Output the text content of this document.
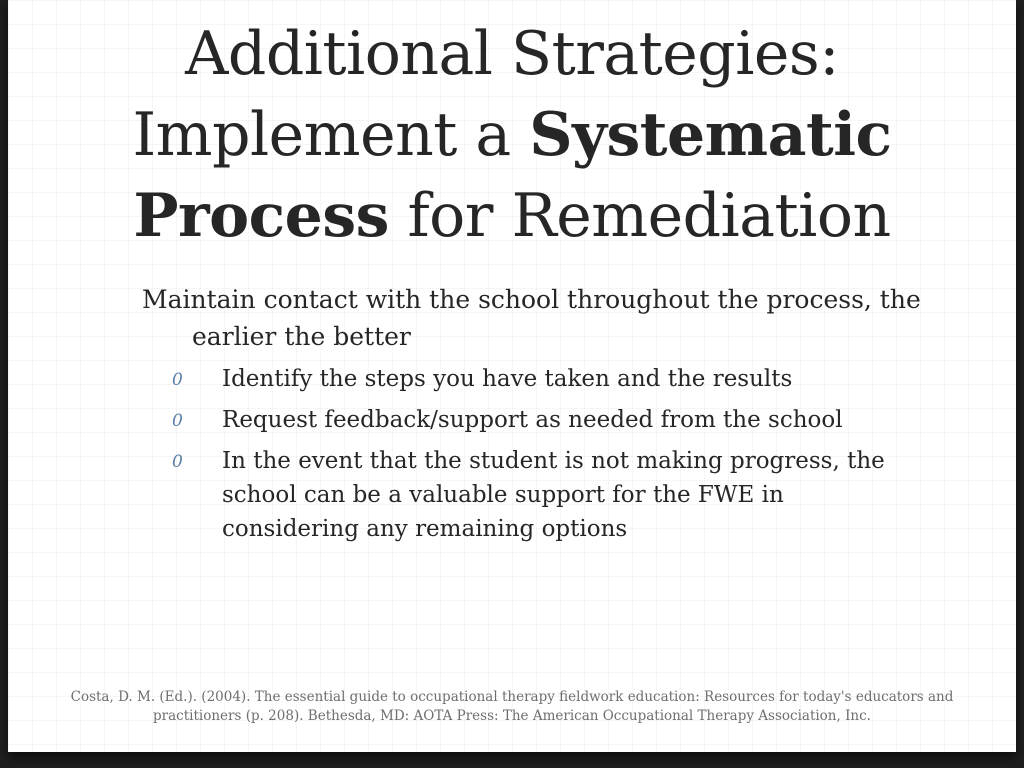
Additional Strategies:
Implement a Systematic
Process for Remediation
Maintain contact with the school throughout the process, the earlier the better
0 Identify the steps you have taken and the results
0 Request feedback/support as needed from the school
0 In the event that the student is not making progress, the school can be a valuable support for the FWE in considering any remaining options
Costa, D. M. (Ed.). (2004). The essential guide to occupational therapy fieldwork education: Resources for today's educators and
practitioners (p. 208). Bethesda, MD: AOTA Press: The American Occupational Therapy Association, Inc.
